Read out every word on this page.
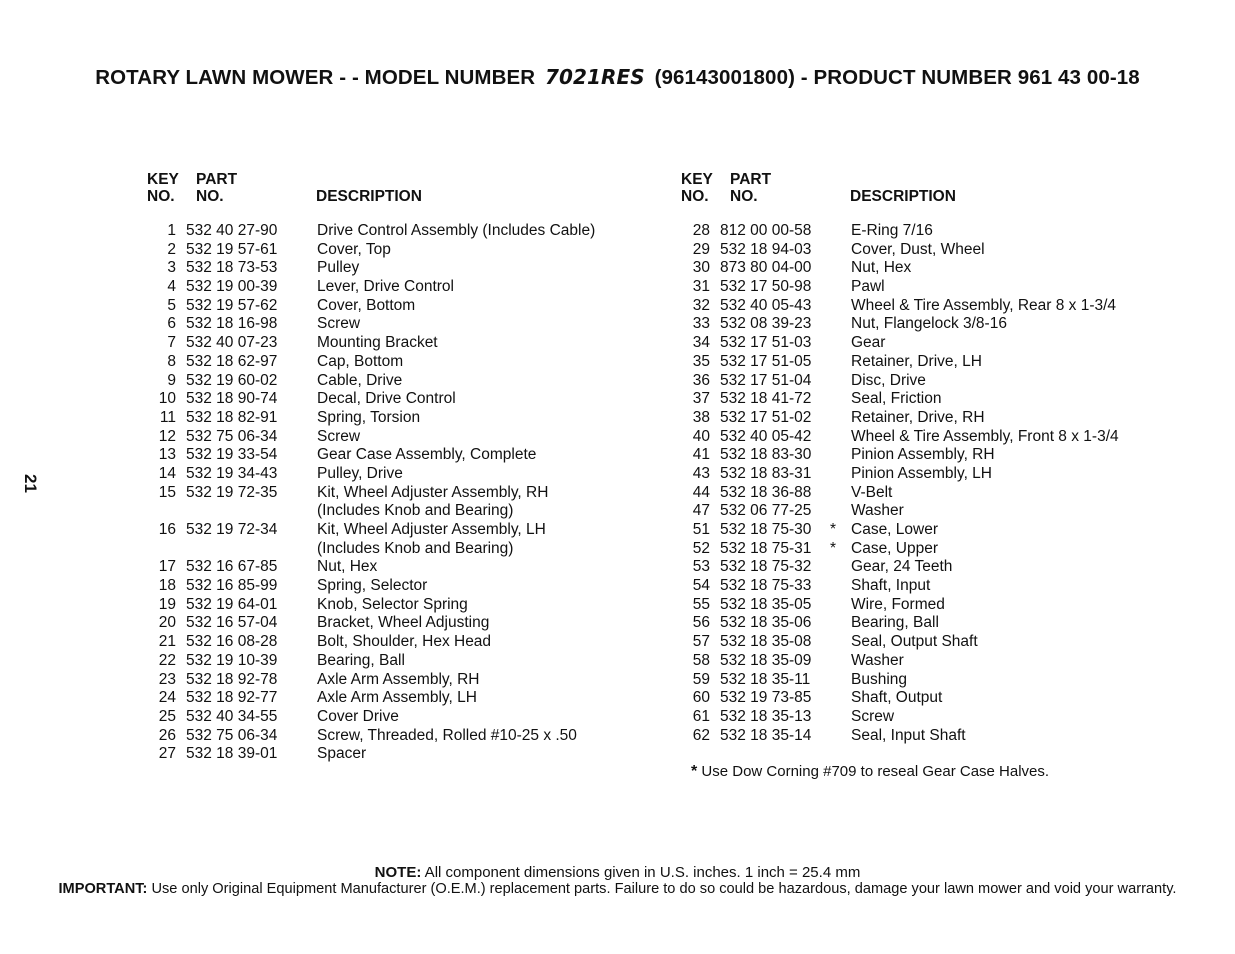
ROTARY LAWN MOWER - - MODEL NUMBER 7021RES (96143001800) - PRODUCT NUMBER 961 43 00-18
21
KEY
NO.
PART
NO.	DESCRIPTION
1 532 40 27-90	Drive Control Assembly (Includes Cable)
2 532 19 57-61	Cover, Top
3 532 18 73-53	Pulley
4 532 19 00-39	Lever, Drive Control
5 532 19 57-62	Cover, Bottom
6 532 18 16-98	Screw
7 532 40 07-23	Mounting Bracket
8 532 18 62-97	Cap, Bottom
9 532 19 60-02	Cable, Drive
10 532 18 90-74	Decal, Drive Control
11 532 18 82-91	Spring, Torsion
12 532 75 06-34	Screw
13 532 19 33-54	Gear Case Assembly, Complete
14 532 19 34-43	Pulley, Drive
15 532 19 72-35	Kit, Wheel Adjuster Assembly, RH
(Includes Knob and Bearing)
16 532 19 72-34	Kit, Wheel Adjuster Assembly, LH
(Includes Knob and Bearing)
17 532 16 67-85	Nut, Hex
18 532 16 85-99	Spring, Selector
19 532 19 64-01	Knob, Selector Spring
20 532 16 57-04	Bracket, Wheel Adjusting
21 532 16 08-28	Bolt, Shoulder, Hex Head
22 532 19 10-39	Bearing, Ball
23 532 18 92-78	Axle Arm Assembly, RH
24 532 18 92-77	Axle Arm Assembly, LH
25 532 40 34-55	Cover Drive
26 532 75 06-34	Screw, Threaded, Rolled #10-25 x .50
27 532 18 39-01	Spacer
KEY
NO.
PART
NO.	DESCRIPTION
28 812 00 00-58	E-Ring 7/16
29 532 18 94-03	Cover, Dust, Wheel
30 873 80 04-00	Nut, Hex
31 532 17 50-98	Pawl
32 532 40 05-43	Wheel & Tire Assembly, Rear 8 x 1-3/4
33 532 08 39-23	Nut, Flangelock 3/8-16
34 532 17 51-03	Gear
35 532 17 51-05	Retainer, Drive, LH
36 532 17 51-04	Disc, Drive
37 532 18 41-72	Seal, Friction
38 532 17 51-02	Retainer, Drive, RH
40 532 40 05-42	Wheel & Tire Assembly, Front 8 x 1-3/4
41 532 18 83-30	Pinion Assembly, RH
43 532 18 83-31	Pinion Assembly, LH
44 532 18 36-88	V-Belt
47 532 06 77-25	Washer
51 532 18 75-30 * Case, Lower
52 532 18 75-31 * Case, Upper
53 532 18 75-32	Gear, 24 Teeth
54 532 18 75-33	Shaft, Input
55 532 18 35-05	Wire, Formed
56 532 18 35-06	Bearing, Ball
57 532 18 35-08	Seal, Output Shaft
58 532 18 35-09	Washer
59 532 18 35-11	Bushing
60 532 19 73-85	Shaft, Output
61 532 18 35-13	Screw
62 532 18 35-14	Seal, Input Shaft
* Use Dow Corning #709 to reseal Gear Case Halves.
NOTE: All component dimensions given in U.S. inches. 1 inch = 25.4 mm
IMPORTANT: Use only Original Equipment Manufacturer (O.E.M.) replacement parts. Failure to do so could be hazardous, damage your lawn mower and void your warranty.
